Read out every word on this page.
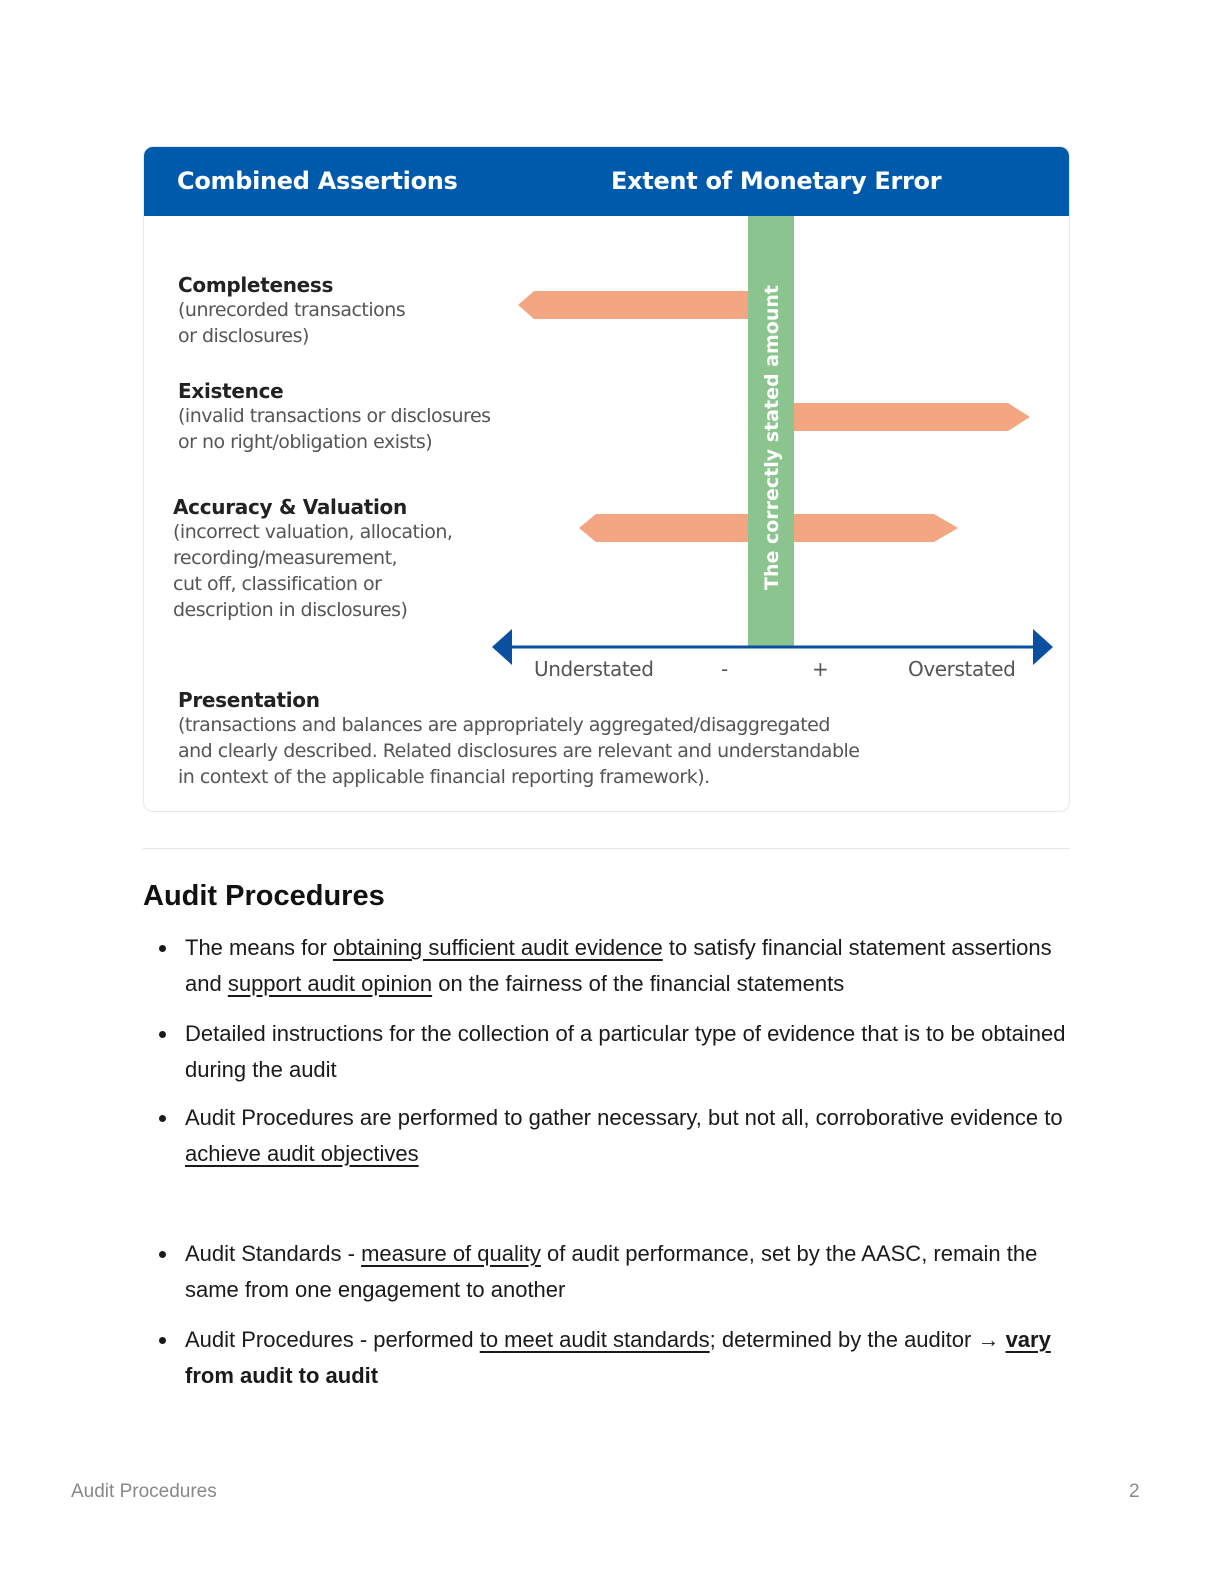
Combined Assertions	Extent of Monetary Error
The correctly stated amount
Understated	-	+	Overstated
Completeness
(unrecorded transactions
or disclosures)
Existence
(invalid transactions or disclosures
or no right/obligation exists)
Accuracy & Valuation
(incorrect valuation, allocation,
recording/measurement,
cut off, classification or
description in disclosures)
Presentation
(transactions and balances are appropriately aggregated/disaggregated
and clearly described. Related disclosures are relevant and understandable
in context of the applicable financial reporting framework).
Audit Procedures
The means for obtaining sufficient audit evidence to satisfy financial statement assertions and support audit opinion on the fairness of the financial statements
Detailed instructions for the collection of a particular type of evidence that is to be obtained during the audit
Audit Procedures are performed to gather necessary, but not all, corroborative evidence to achieve audit objectives
Audit Standards - measure of quality of audit performance, set by the AASC, remain the same from one engagement to another
Audit Procedures - performed to meet audit standards; determined by the auditor → vary from audit to audit
Audit Procedures	2
